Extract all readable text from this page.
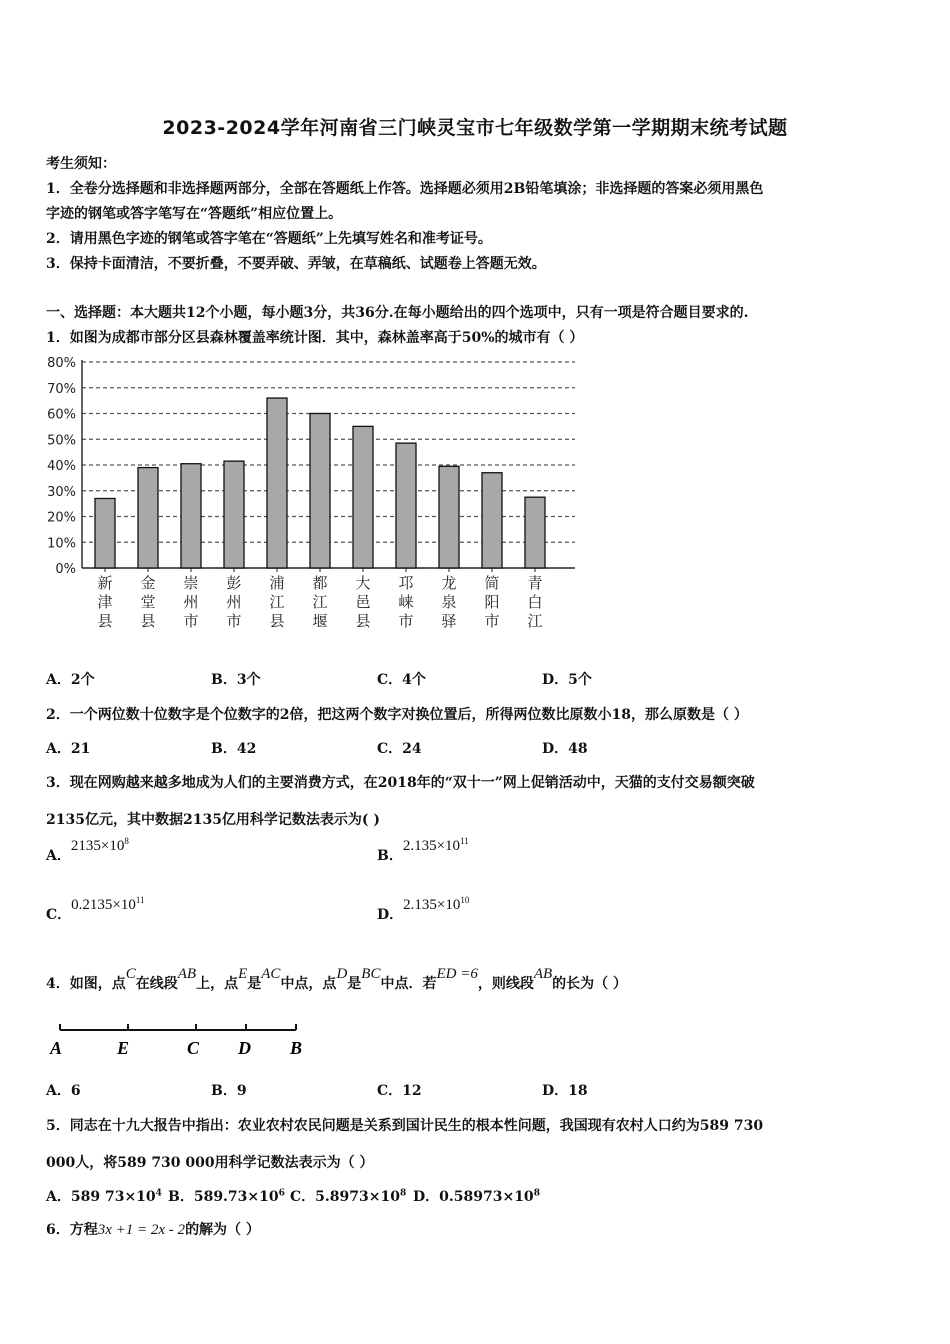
2023-2024学年河南省三门峡灵宝市七年级数学第一学期期末统考试题
考生须知：
1．全卷分选择题和非选择题两部分，全部在答题纸上作答。选择题必须用2B铅笔填涂；非选择题的答案必须用黑色
字迹的钢笔或答字笔写在“答题纸”相应位置上。
2．请用黑色字迹的钢笔或答字笔在“答题纸”上先填写姓名和准考证号。
3．保持卡面清洁，不要折叠，不要弄破、弄皱，在草稿纸、试题卷上答题无效。
一、选择题：本大题共12个小题，每小题3分，共36分.在每小题给出的四个选项中，只有一项是符合题目要求的.
1．如图为成都市部分区县森林覆盖率统计图．其中，森林盖率高于50%的城市有（ ）
0%
10%
20%
30%
40%
50%
60%
70%
80%
新
津
县
金
堂
县
崇
州
市
彭
州
市
浦
江
县
都
江
堰
大
邑
县
邛
崃
市
龙
泉
驿
简
阳
市
青
白
江
A．2个	B．3个	C．4个	D．5个
2．一个两位数十位数字是个位数字的2倍，把这两个数字对换位置后，所得两位数比原数小18，那么原数是（ ）
A．21	B．42	C．24	D．48
3．现在网购越来越多地成为人们的主要消费方式，在2018年的“双十一”网上促销活动中，天猫的支付交易额突破
2135亿元，其中数据2135亿用科学记数法表示为( )
A．$2135\times 10^8$
B．$2.135\times 10^{11}$
C．$0.2135\times 10^{11}$
D．$2.135\times 10^{10}$
4．如图，点C在线段AB上，点E是AC中点，点D是BC中点．若ED =6，则线段AB的长为（ ）
A	E	C D B
A．6	B．9	C．12	D．18
5．同志在十九大报告中指出：农业农村农民问题是关系到国计民生的根本性问题，我国现有农村人口约为589 730
000人，将589 730 000用科学记数法表示为（ ）
A．589 $73\times 10^4$ B．$589.73\times 10^6$ C．$5.8973\times 10^8$ D．$0.58973\times 10^8$
6．方程3x +1 = 2x - 2的解为（ ）
